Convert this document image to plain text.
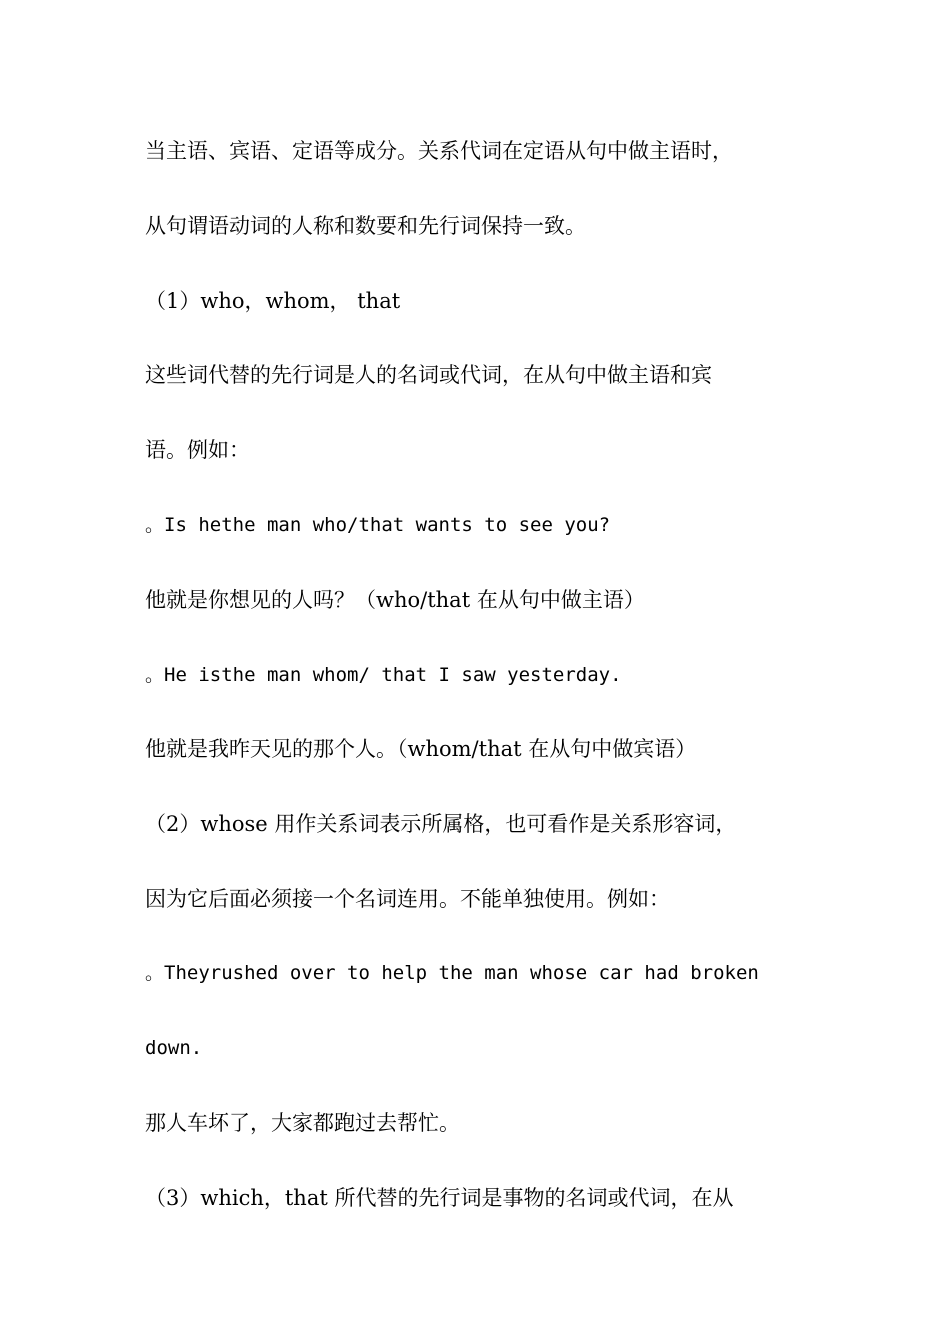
当主语、宾语、定语等成分。关系代词在定语从句中做主语时，
从句谓语动词的人称和数要和先行词保持一致。
（1）who，whom， that
这些词代替的先行词是人的名词或代词，在从句中做主语和宾
语。例如：
。Is hethe man who/that wants to see you?
他就是你想见的人吗？（who/that 在从句中做主语）
。He isthe man whom/ that I saw yesterday.
他就是我昨天见的那个人。（whom/that 在从句中做宾语）
（2）whose 用作关系词表示所属格，也可看作是关系形容词，
因为它后面必须接一个名词连用。不能单独使用。例如：
。Theyrushed over to help the man whose car had broken
down.
那人车坏了，大家都跑过去帮忙。
（3）which，that 所代替的先行词是事物的名词或代词，在从
